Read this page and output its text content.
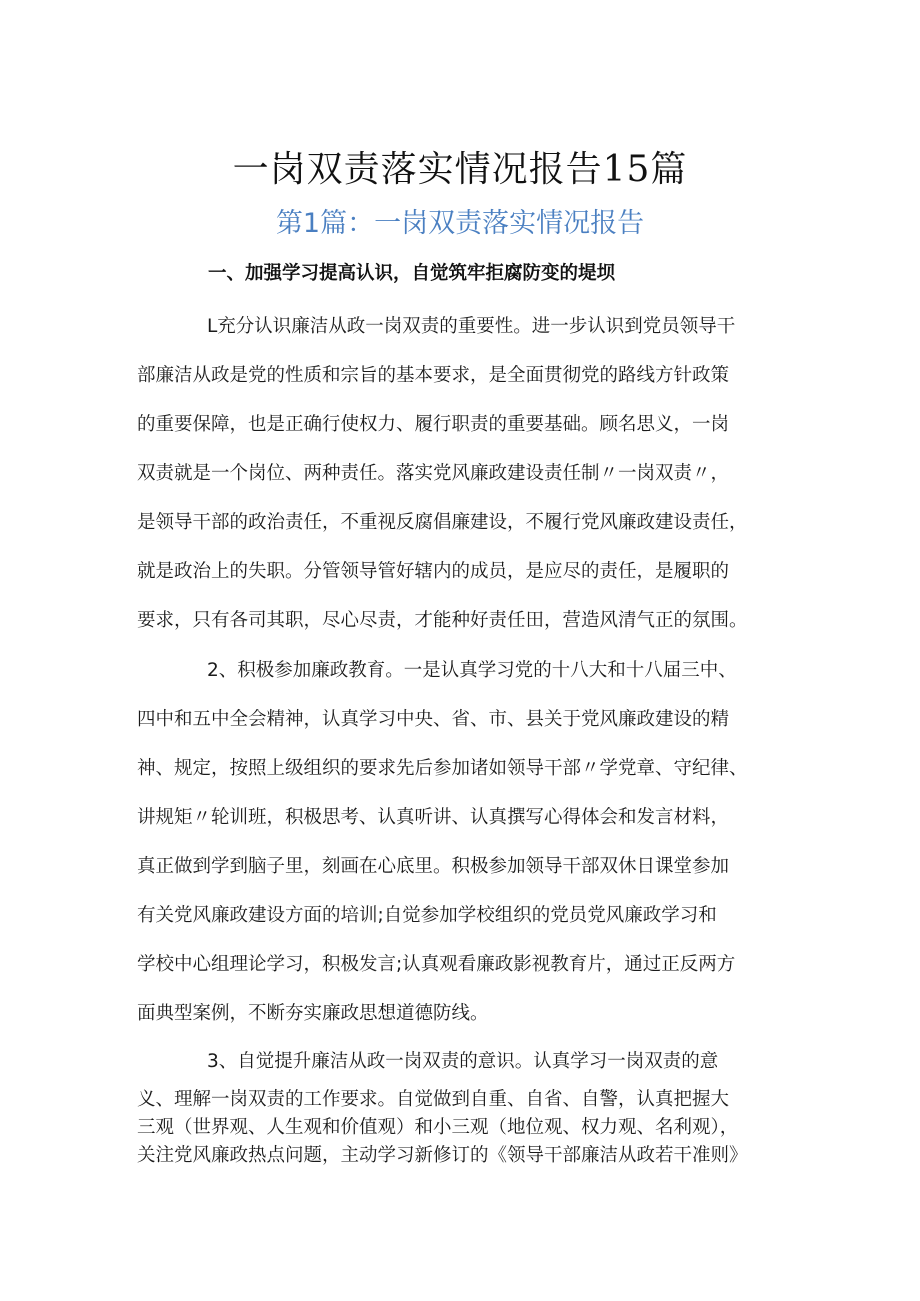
一岗双责落实情况报告15篇
第1篇：一岗双责落实情况报告
一、加强学习提高认识，自觉筑牢拒腐防变的堤坝
L充分认识廉洁从政一岗双责的重要性。进一步认识到党员领导干
部廉洁从政是党的性质和宗旨的基本要求，是全面贯彻党的路线方针政策
的重要保障，也是正确行使权力、履行职责的重要基础。顾名思义，一岗
双责就是一个岗位、两种责任。落实党风廉政建设责任制〃一岗双责〃，
是领导干部的政治责任，不重视反腐倡廉建设，不履行党风廉政建设责任，
就是政治上的失职。分管领导管好辖内的成员，是应尽的责任，是履职的
要求，只有各司其职，尽心尽责，才能种好责任田，营造风清气正的氛围。
2、积极参加廉政教育。一是认真学习党的十八大和十八届三中、
四中和五中全会精神，认真学习中央、省、市、县关于党风廉政建设的精
神、规定，按照上级组织的要求先后参加诸如领导干部〃学党章、守纪律、
讲规矩〃轮训班，积极思考、认真听讲、认真撰写心得体会和发言材料，
真正做到学到脑子里，刻画在心底里。积极参加领导干部双休日课堂参加
有关党风廉政建设方面的培训;自觉参加学校组织的党员党风廉政学习和
学校中心组理论学习，积极发言;认真观看廉政影视教育片，通过正反两方
面典型案例，不断夯实廉政思想道德防线。
3、自觉提升廉洁从政一岗双责的意识。认真学习一岗双责的意
义、理解一岗双责的工作要求。自觉做到自重、自省、自警，认真把握大
三观（世界观、人生观和价值观）和小三观（地位观、权力观、名利观），
关注党风廉政热点问题，主动学习新修订的《领导干部廉洁从政若干准则》
